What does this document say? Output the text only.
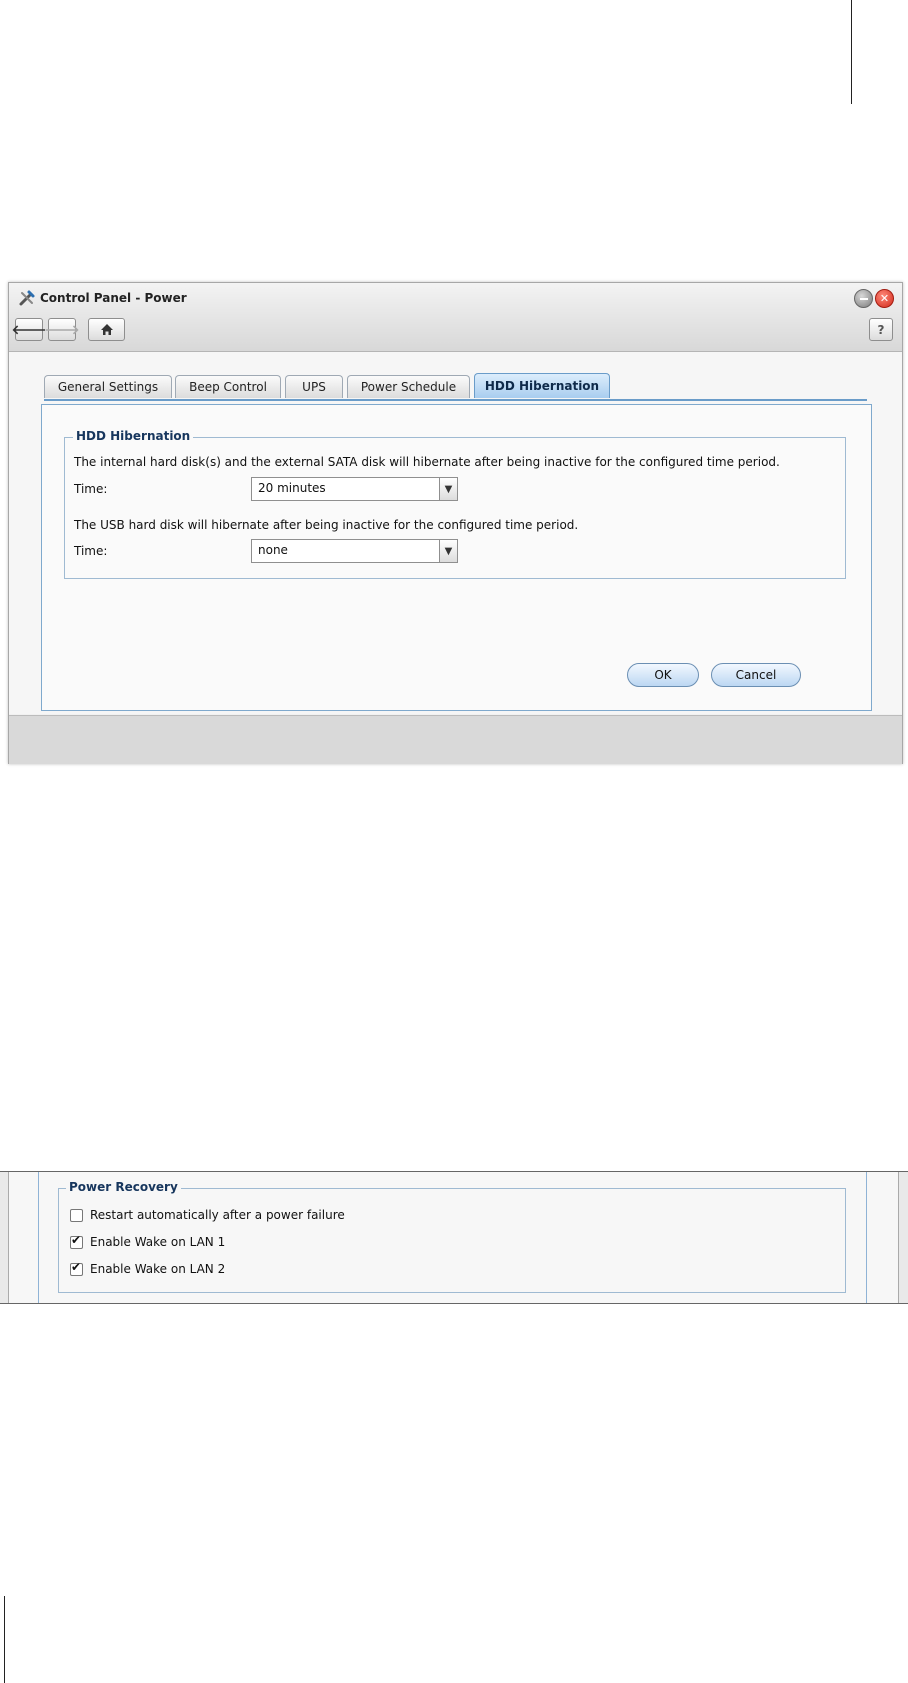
Control Panel - Power	✕
🡐
🡒	?
General Settings	Beep Control	UPS	Power Schedule	HDD Hibernation
HDD Hibernation
The internal hard disk(s) and the external SATA disk will hibernate after being inactive for the configured time period.
Time:	20 minutes	▼
The USB hard disk will hibernate after being inactive for the configured time period.
Time:	none	▼
OK	Cancel
Power Recovery
Restart automatically after a power failure
✔
Enable Wake on LAN 1
✔
Enable Wake on LAN 2
